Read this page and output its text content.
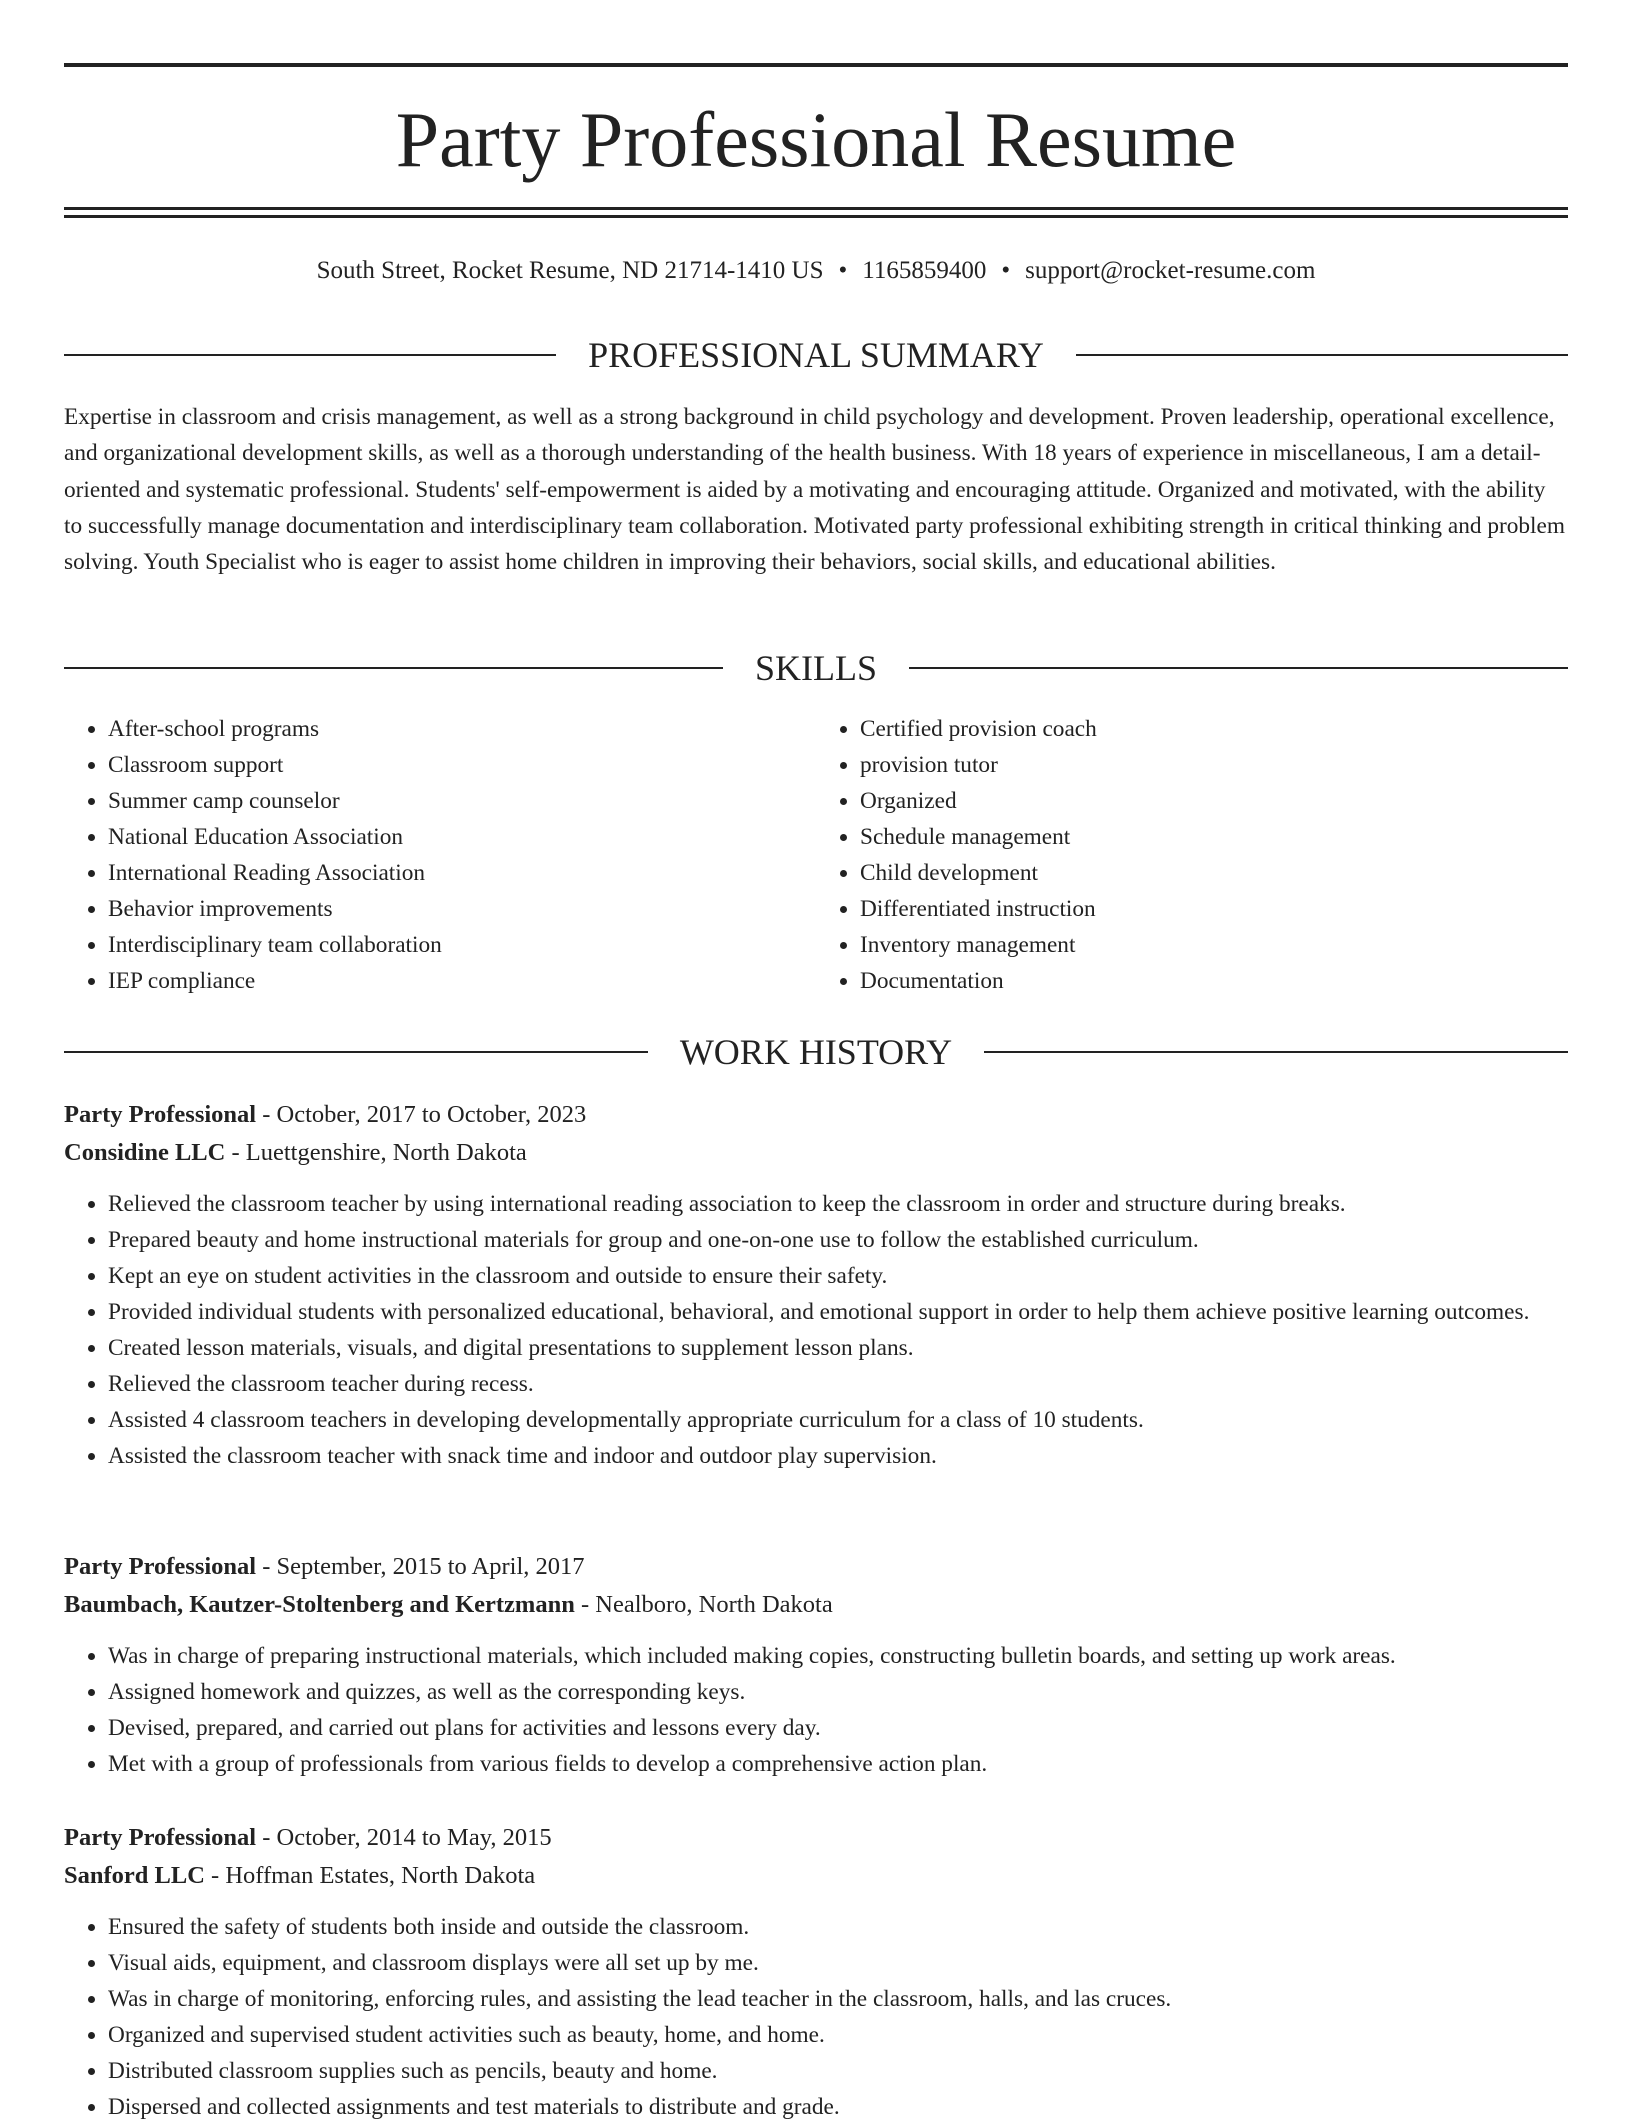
Party Professional Resume
South Street, Rocket Resume, ND 21714-1410 US • 1165859400 • support@rocket-resume.com
PROFESSIONAL SUMMARY

Expertise in classroom and crisis management, as well as a strong background in child psychology and development. Proven leadership, operational excellence, and organizational development skills, as well as a thorough understanding of the health business. With 18 years of experience in miscellaneous, I am a detail-oriented and systematic professional. Students' self-empowerment is aided by a motivating and encouraging attitude. Organized and motivated, with the ability to successfully manage documentation and interdisciplinary team collaboration. Motivated party professional exhibiting strength in critical thinking and problem solving. Youth Specialist who is eager to assist home children in improving their behaviors, social skills, and educational abilities.

SKILLS
• After-school programs
• Classroom support
• Summer camp counselor
• National Education Association
• International Reading Association
• Behavior improvements
• Interdisciplinary team collaboration
• IEP compliance
• Certified provision coach
• provision tutor
• Organized
• Schedule management
• Child development
• Differentiated instruction
• Inventory management
• Documentation
WORK HISTORY
Party Professional - October, 2017 to October, 2023
Considine LLC - Luettgenshire, North Dakota
• Relieved the classroom teacher by using international reading association to keep the classroom in order and structure during breaks.
• Prepared beauty and home instructional materials for group and one-on-one use to follow the established curriculum.
• Kept an eye on student activities in the classroom and outside to ensure their safety.
• Provided individual students with personalized educational, behavioral, and emotional support in order to help them achieve positive learning outcomes.
• Created lesson materials, visuals, and digital presentations to supplement lesson plans.
• Relieved the classroom teacher during recess.
• Assisted 4 classroom teachers in developing developmentally appropriate curriculum for a class of 10 students.
• Assisted the classroom teacher with snack time and indoor and outdoor play supervision.
Party Professional - September, 2015 to April, 2017
Baumbach, Kautzer-Stoltenberg and Kertzmann - Nealboro, North Dakota
• Was in charge of preparing instructional materials, which included making copies, constructing bulletin boards, and setting up work areas.
• Assigned homework and quizzes, as well as the corresponding keys.
• Devised, prepared, and carried out plans for activities and lessons every day.
• Met with a group of professionals from various fields to develop a comprehensive action plan.
Party Professional - October, 2014 to May, 2015
Sanford LLC - Hoffman Estates, North Dakota
• Ensured the safety of students both inside and outside the classroom.
• Visual aids, equipment, and classroom displays were all set up by me.
• Was in charge of monitoring, enforcing rules, and assisting the lead teacher in the classroom, halls, and las cruces.
• Organized and supervised student activities such as beauty, home, and home.
• Distributed classroom supplies such as pencils, beauty and home.
• Dispersed and collected assignments and test materials to distribute and grade.
